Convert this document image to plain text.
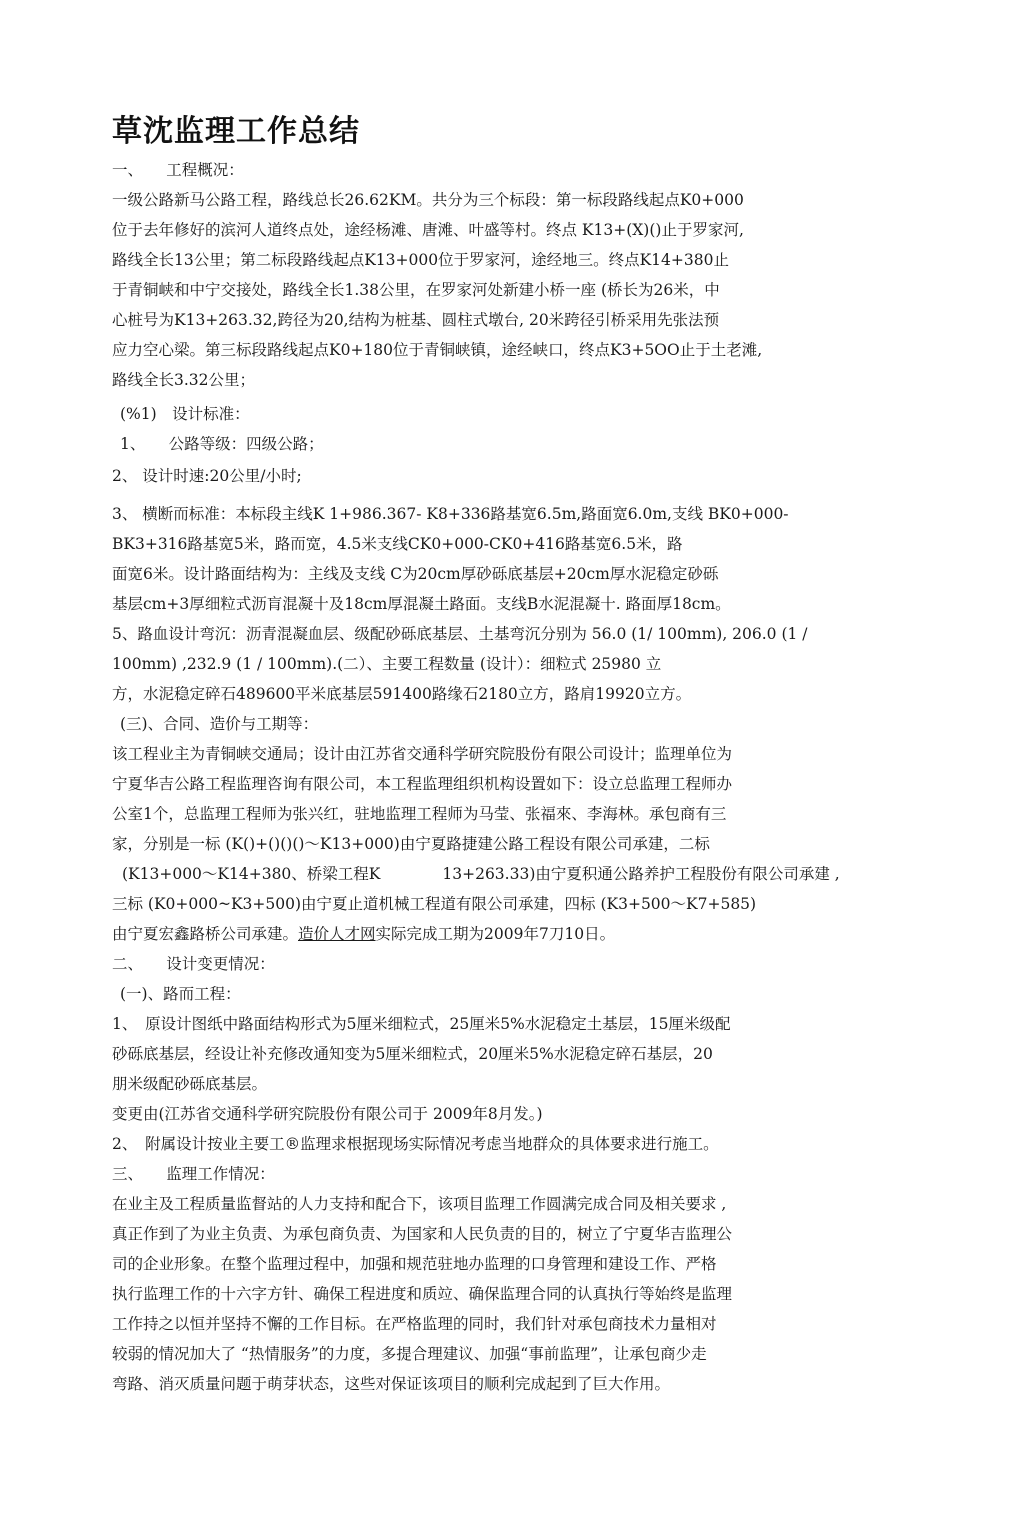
草沈监理工作总结
一、　　工程概况：
一级公路新马公路工程，路线总长26.62KM。共分为三个标段：第一标段路线起点K0+000
位于去年修好的滨河人道终点处，途经杨滩、唐滩、叶盛等村。终点 K13+(X)()止于罗家河,
路线全长13公里；第二标段路线起点K13+000位于罗家河，途经地三。终点K14+380止
于青铜峡和中宁交接处，路线全长1.38公里，在罗家河处新建小桥一座 (桥长为26米，中
心桩号为K13+263.32,跨径为20,结构为桩基、圆柱式墩台, 20米跨径引桥采用先张法预
应力空心梁。第三标段路线起点K0+180位于青铜峡镇，途经峡口，终点K3+5OO止于土老滩,
路线全长3.32公里；
(%1)　设计标准：
1、　　公路等级：四级公路；
2、 设计时速:20公里/小时;
3、 横断而标准：本标段主线K 1+986.367- K8+336路基宽6.5m,路面宽6.0m,支线 BK0+000-
BK3+316路基宽5米，路而宽，4.5米支线CK0+000-CK0+416路基宽6.5米，路
面宽6米。设计路面结构为：主线及支线 C为20cm厚砂砾底基层+20cm厚水泥稳定砂砾
基层cm+3厚细粒式沥肓混凝十及18cm厚混凝土路面。支线B水泥混凝十. 路面厚18cm。
5、路血设计弯沉：沥青混凝血层、级配砂砾底基层、土基弯沉分别为 56.0 (1/ 100mm), 206.0 (1 /
100mm) ,232.9 (1 / 100mm).(二）、主要工程数量 (设计）：细粒式 25980 立
方，水泥稳定碎石489600平米底基层591400路缘石2180立方，路肩19920立方。
(三)、合同、造价与工期等：
该工程业主为青铜峡交通局；设计由江苏省交通科学研究院股份有限公司设计；监理单位为
宁夏华吉公路工程监理咨询有限公司，本工程监理组织机构设置如下：设立总监理工程师办
公室1个，总监理工程师为张兴红，驻地监理工程师为马莹、张福來、李海林。承包商有三
家，分别是一标 (K()+()()()～K13+000)由宁夏路捷建公路工程设有限公司承建，二标
(K13+000～K14+380、桥梁工程K　　　　13+263.33)由宁夏积通公路养护工程股份有限公司承建 ,
三标 (K0+000~K3+500)由宁夏止道机械工程道有限公司承建，四标 (K3+500～K7+585)
由宁夏宏鑫路桥公司承建。造价人才网实际完成工期为2009年7刀10日。
二、　　设计变更情况：
(一)、路而工程：
1、　原设计图纸中路面结构形式为5厘米细粒式，25厘米5%水泥稳定土基层，15厘米级配
砂砾底基层，经设让补充修改通知变为5厘米细粒式，20厘米5%水泥稳定碎石基层，20
朋米级配砂砾底基层。
变更由(江苏省交通科学研究院股份有限公司于 2009年8月发。)
2、　附属设计按业主要工®监理求根据现场实际情况考虑当地群众的具体要求进行施工。
三、　　监理工作情况：
在业主及工程质量监督站的人力支持和配合下，该项目监理工作圆满完成合同及相关要求 ,
真正作到了为业主负责、为承包商负责、为国家和人民负责的目的，树立了宁夏华吉监理公
司的企业形象。在整个监理过程中，加强和规范驻地办监理的口身管理和建设工作、严格
执行监理工作的十六字方针、确保工程进度和质竝、确保监理合同的认真执行等始终是监理
工作持之以恒并坚持不懈的工作目标。在严格监理的同时，我们针对承包商技术力量相对
较弱的情况加大了 “热情服务”的力度，多提合理建议、加强“事前监理”，让承包商少走
弯路、消灭质量问题于萌芽状态，这些对保证该项目的顺利完成起到了巨大作用。
